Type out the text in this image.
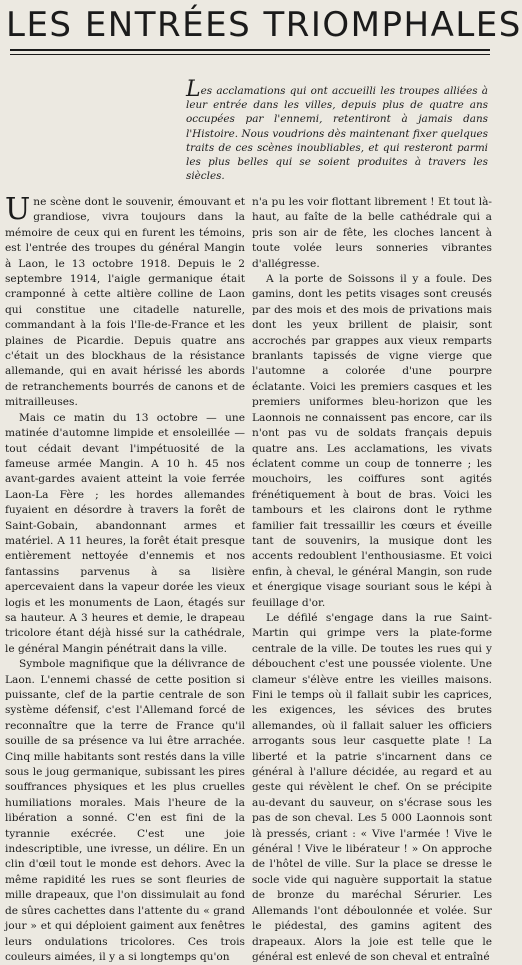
LES ENTRÉES TRIOMPHALES

Les acclamations qui ont accueilli les troupes alliées à leur entrée dans les villes, depuis plus de quatre ans occupées par l'ennemi, retentiront à jamais dans l'Histoire. Nous voudrions dès maintenant fixer quelques traits de ces scènes inoubliables, et qui resteront parmi les plus belles qui se soient produites à travers les siècles.

Une scène dont le souvenir, émouvant et grandiose, vivra toujours dans la mémoire de ceux qui en furent les témoins, est l'entrée des troupes du général Mangin à Laon, le 13 octobre 1918. Depuis le 2 septembre 1914, l'aigle germanique était cramponné à cette altière colline de Laon qui constitue une citadelle naturelle, commandant à la fois l'Ile-de-France et les plaines de Picardie. Depuis quatre ans c'était un des blockhaus de la résistance allemande, qui en avait hérissé les abords de retranchements bourrés de canons et de mitrailleuses.

Mais ce matin du 13 octobre — une matinée d'automne limpide et ensoleillée — tout cédait devant l'impétuosité de la fameuse armée Mangin. A 10 h. 45 nos avant-gardes avaient atteint la voie ferrée Laon-La Fère ; les hordes allemandes fuyaient en désordre à travers la forêt de Saint-Gobain, abandonnant armes et matériel. A 11 heures, la forêt était presque entièrement nettoyée d'ennemis et nos fantassins parvenus à sa lisière apercevaient dans la vapeur dorée les vieux logis et les monuments de Laon, étagés sur sa hauteur. A 3 heures et demie, le drapeau tricolore étant déjà hissé sur la cathédrale, le général Mangin pénétrait dans la ville.

Symbole magnifique que la délivrance de Laon. L'ennemi chassé de cette position si puissante, clef de la partie centrale de son système défensif, c'est l'Allemand forcé de reconnaître que la terre de France qu'il souille de sa présence va lui être arrachée. Cinq mille habitants sont restés dans la ville sous le joug germanique, subissant les pires souffrances physiques et les plus cruelles humiliations morales. Mais l'heure de la libération a sonné. C'en est fini de la tyrannie exécrée. C'est une joie indescriptible, une ivresse, un délire. En un clin d'œil tout le monde est dehors. Avec la même rapidité les rues se sont fleuries de mille drapeaux, que l'on dissimulait au fond de sûres cachettes dans l'attente du « grand jour » et qui déploient gaiment aux fenêtres leurs ondulations tricolores. Ces trois couleurs aimées, il y a si longtemps qu'on

n'a pu les voir flottant librement ! Et tout là-haut, au faîte de la belle cathédrale qui a pris son air de fête, les cloches lancent à toute volée leurs sonneries vibrantes d'allégresse.

A la porte de Soissons il y a foule. Des gamins, dont les petits visages sont creusés par des mois et des mois de privations mais dont les yeux brillent de plaisir, sont accrochés par grappes aux vieux remparts branlants tapissés de vigne vierge que l'automne a colorée d'une pourpre éclatante. Voici les premiers casques et les premiers uniformes bleu-horizon que les Laonnois ne connaissent pas encore, car ils n'ont pas vu de soldats français depuis quatre ans. Les acclamations, les vivats éclatent comme un coup de tonnerre ; les mouchoirs, les coiffures sont agités frénétiquement à bout de bras. Voici les tambours et les clairons dont le rythme familier fait tressaillir les cœurs et éveille tant de souvenirs, la musique dont les accents redoublent l'enthousiasme. Et voici enfin, à cheval, le général Mangin, son rude et énergique visage souriant sous le képi à feuillage d'or.

Le défilé s'engage dans la rue Saint-Martin qui grimpe vers la plate-forme centrale de la ville. De toutes les rues qui y débouchent c'est une poussée violente. Une clameur s'élève entre les vieilles maisons. Fini le temps où il fallait subir les caprices, les exigences, les sévices des brutes allemandes, où il fallait saluer les officiers arrogants sous leur casquette plate ! La liberté et la patrie s'incarnent dans ce général à l'allure décidée, au regard et au geste qui révèlent le chef. On se précipite au-devant du sauveur, on s'écrase sous les pas de son cheval. Les 5 000 Laonnois sont là pressés, criant : « Vive l'armée ! Vive le général ! Vive le libérateur ! » On approche de l'hôtel de ville. Sur la place se dresse le socle vide qui naguère supportait la statue de bronze du maréchal Sérurier. Les Allemands l'ont déboulonnée et volée. Sur le piédestal, des gamins agitent des drapeaux. Alors la joie est telle que le général est enlevé de son cheval et entraîné
